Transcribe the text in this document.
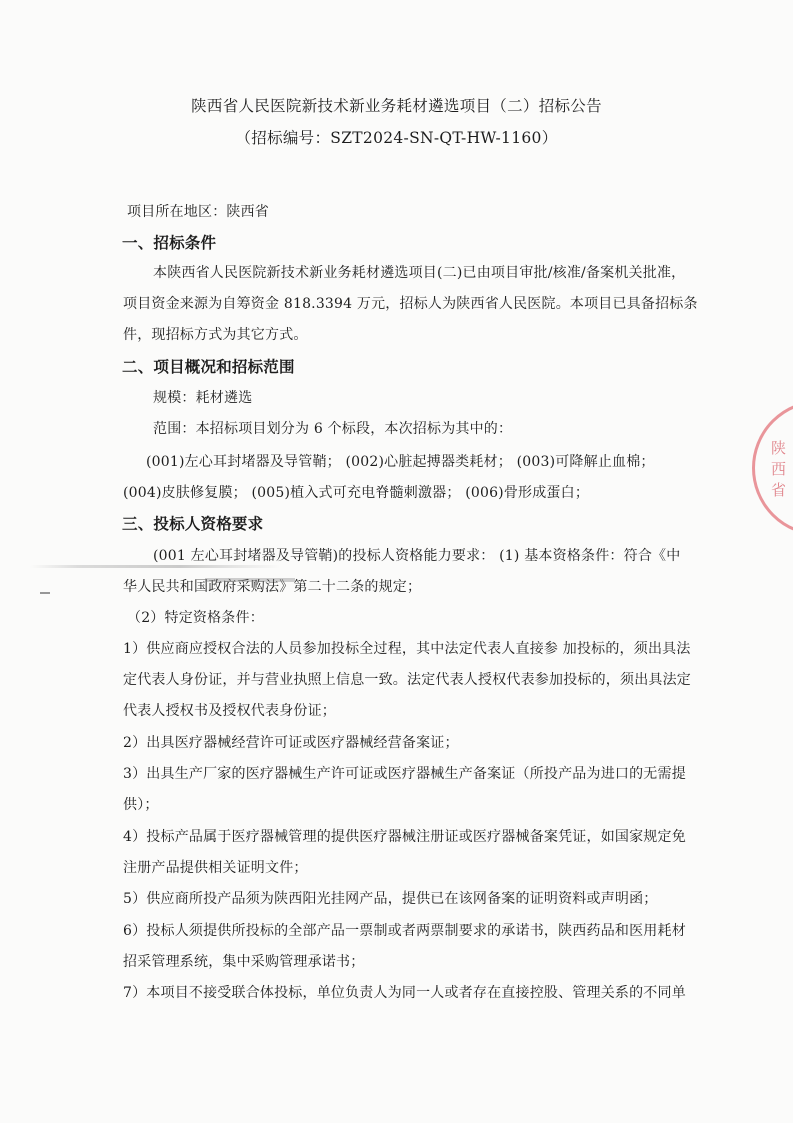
陕西省人民医院新技术新业务耗材遴选项目（二）招标公告
（招标编号：SZT2024-SN-QT-HW-1160）
项目所在地区：陕西省
一、招标条件
本陕西省人民医院新技术新业务耗材遴选项目(二)已由项目审批/核准/备案机关批准，
项目资金来源为自筹资金 818.3394 万元，招标人为陕西省人民医院。本项目已具备招标条
件，现招标方式为其它方式。
二、项目概况和招标范围
规模：耗材遴选
范围：本招标项目划分为 6 个标段，本次招标为其中的：
(001)左心耳封堵器及导管鞘； (002)心脏起搏器类耗材； (003)可降解止血棉；
(004)皮肤修复膜； (005)植入式可充电脊髓刺激器； (006)骨形成蛋白；
三、投标人资格要求
(001 左心耳封堵器及导管鞘)的投标人资格能力要求： (1) 基本资格条件：符合《中
华人民共和国政府采购法》第二十二条的规定；
（2）特定资格条件：
1）供应商应授权合法的人员参加投标全过程，其中法定代表人直接参 加投标的，须出具法
定代表人身份证，并与营业执照上信息一致。法定代表人授权代表参加投标的，须出具法定
代表人授权书及授权代表身份证；
2）出具医疗器械经营许可证或医疗器械经营备案证；
3）出具生产厂家的医疗器械生产许可证或医疗器械生产备案证（所投产品为进口的无需提
供）；
4）投标产品属于医疗器械管理的提供医疗器械注册证或医疗器械备案凭证，如国家规定免
注册产品提供相关证明文件；
5）供应商所投产品须为陕西阳光挂网产品，提供已在该网备案的证明资料或声明函；
6）投标人须提供所投标的全部产品一票制或者两票制要求的承诺书，陕西药品和医用耗材
招采管理系统，集中采购管理承诺书；
7）本项目不接受联合体投标，单位负责人为同一人或者存在直接控股、管理关系的不同单
陕西省
